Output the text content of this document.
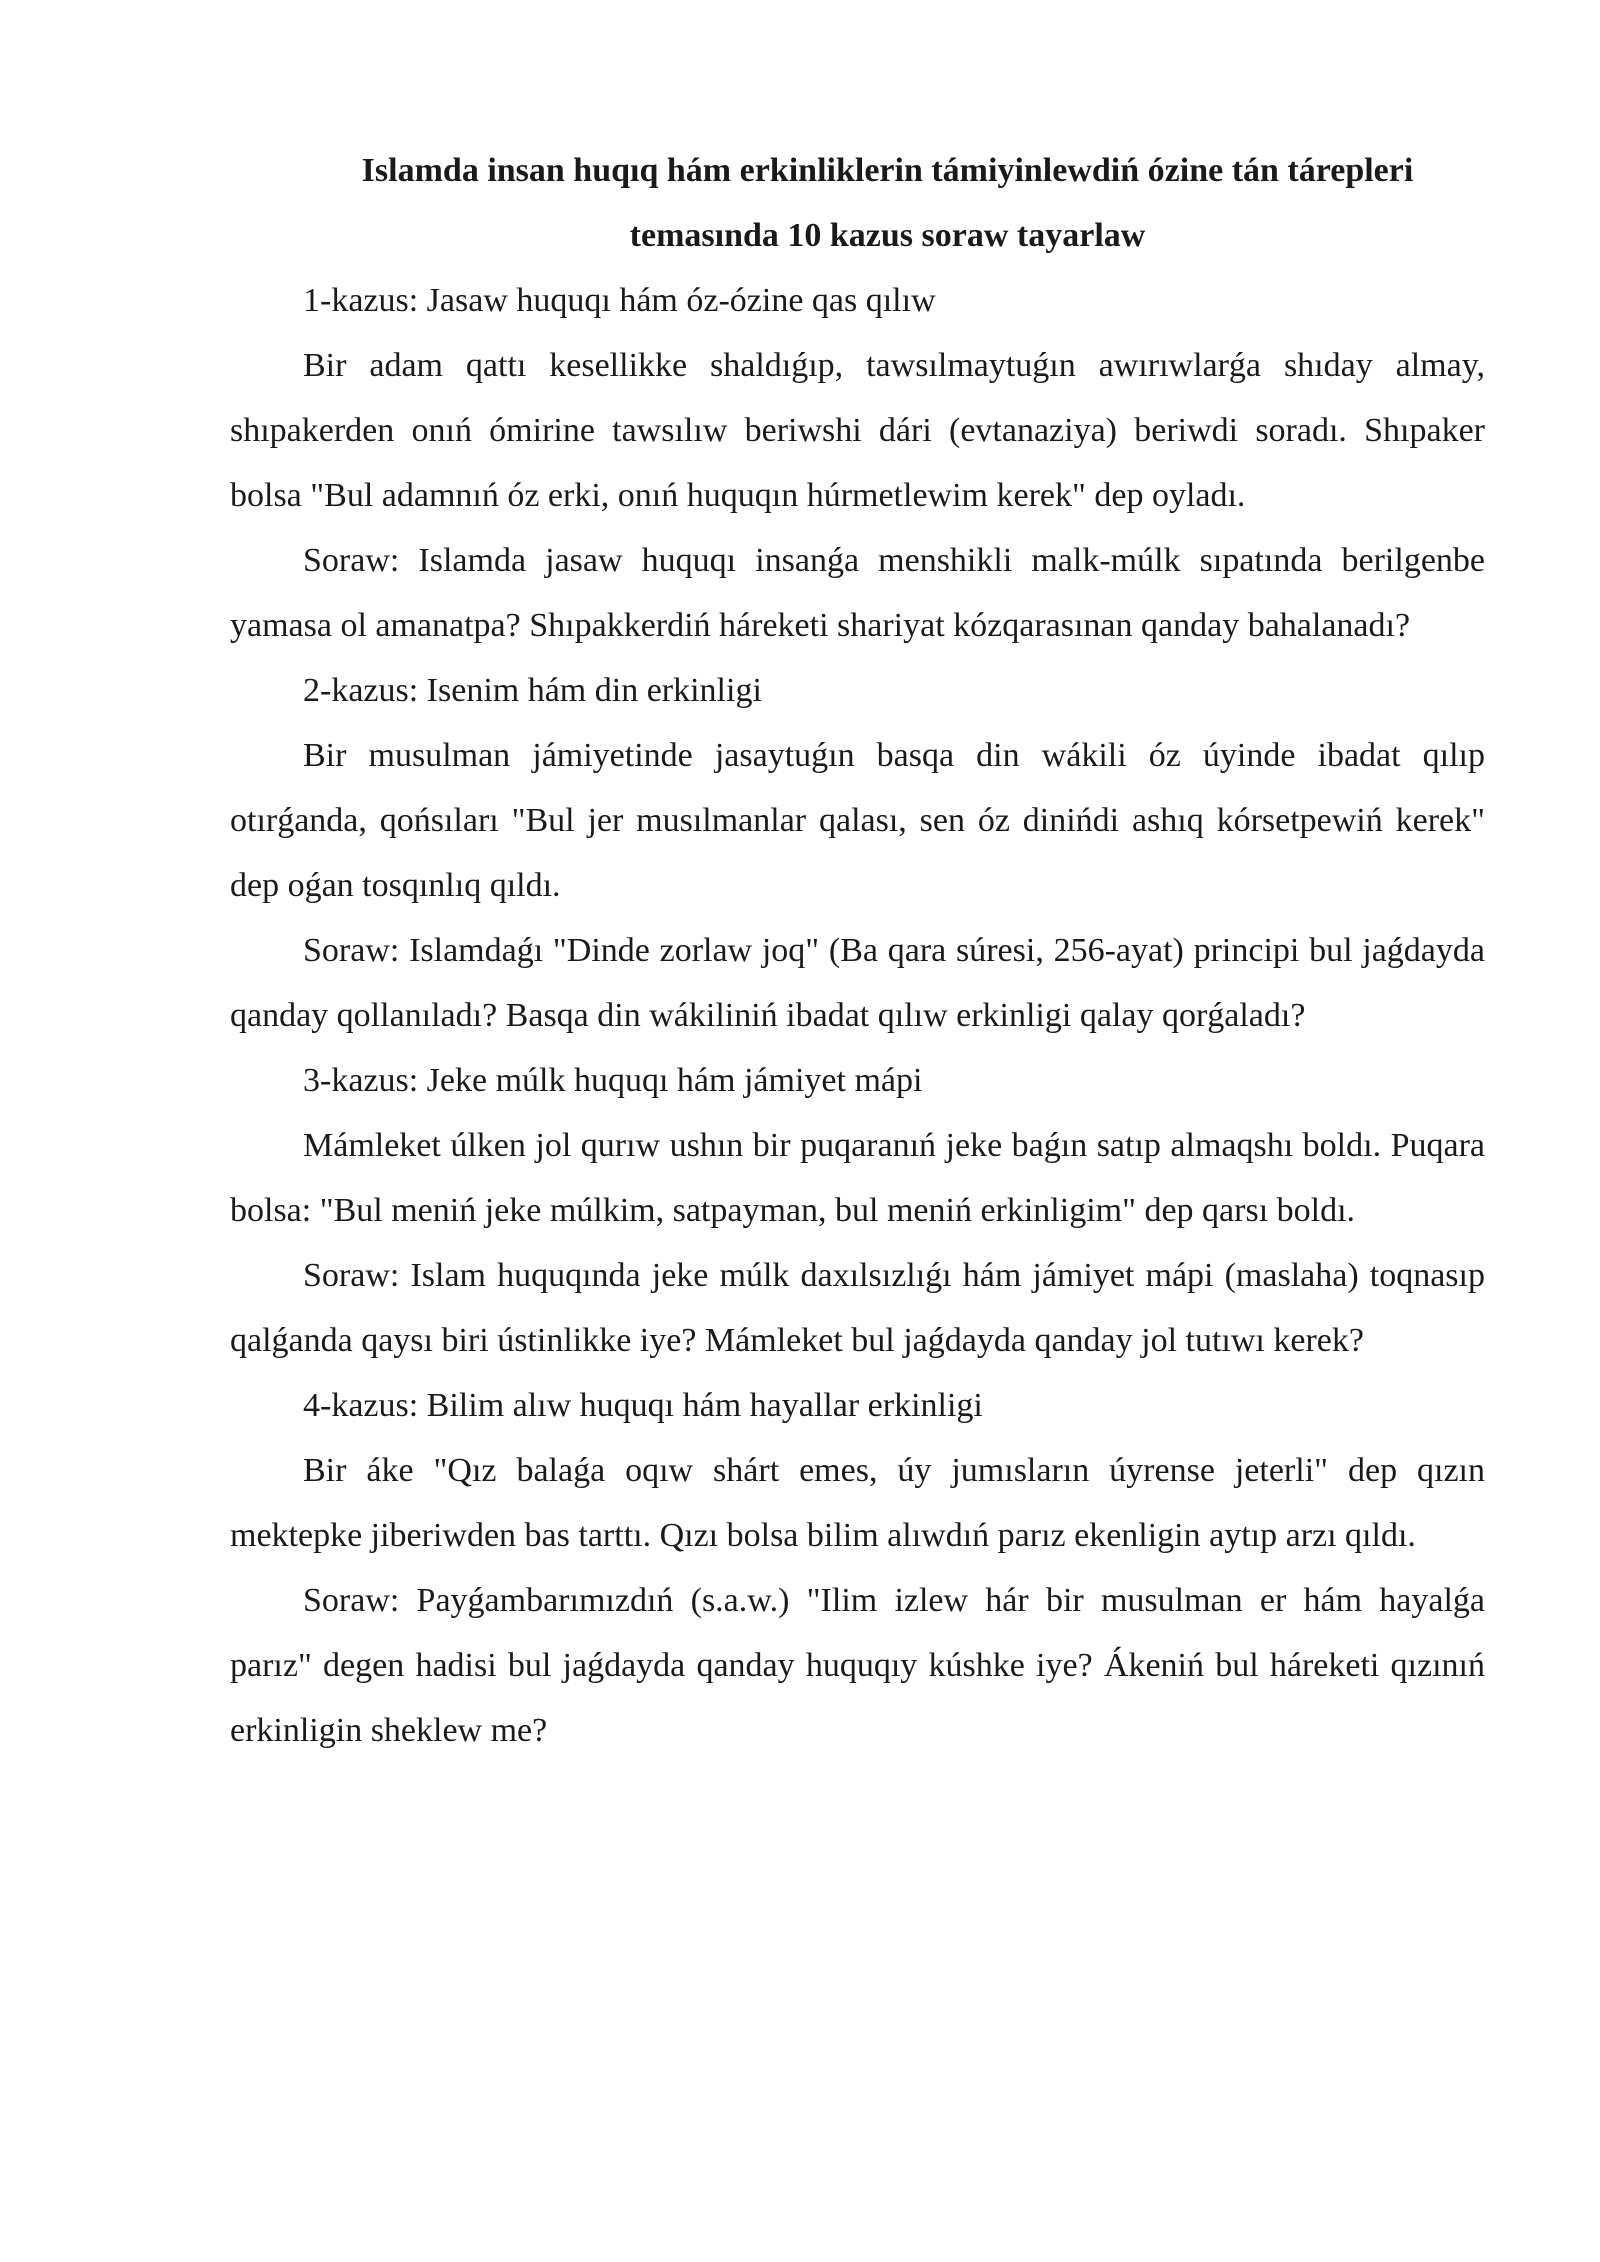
Islamda insan huqıq hám erkinliklerin támiyinlewdiń ózine tán tárepleri
temasında 10 kazus soraw tayarlaw

1-kazus: Jasaw huquqı hám óz-ózine qas qılıw

Bir adam qattı kesellikke shaldıǵıp, tawsılmaytuǵın awırıwlarǵa shıday almay, shıpakerden onıń ómirine tawsılıw beriwshi dári (evtanaziya) beriwdi soradı. Shıpaker bolsa "Bul adamnıń óz erki, onıń huquqın húrmetlewim kerek" dep oyladı.

Soraw: Islamda jasaw huquqı insanǵa menshikli malk-múlk sıpatında berilgenbe yamasa ol amanatpa? Shıpakkerdiń háreketi shariyat kózqarasınan qanday bahalanadı?

2-kazus: Isenim hám din erkinligi

Bir musulman jámiyetinde jasaytuǵın basqa din wákili óz úyinde ibadat qılıp otırǵanda, qońsıları "Bul jer musılmanlar qalası, sen óz dinińdi ashıq kórsetpewiń kerek" dep oǵan tosqınlıq qıldı.

Soraw: Islamdaǵı "Dinde zorlaw joq" (Ba qara súresi, 256-ayat) principi bul jaǵdayda qanday qollanıladı? Basqa din wákiliniń ibadat qılıw erkinligi qalay qorǵaladı?

3-kazus: Jeke múlk huquqı hám jámiyet mápi

Mámleket úlken jol qurıw ushın bir puqaranıń jeke baǵın satıp almaqshı boldı. Puqara bolsa: "Bul meniń jeke múlkim, satpayman, bul meniń erkinligim" dep qarsı boldı.

Soraw: Islam huquqında jeke múlk daxılsızlıǵı hám jámiyet mápi (maslaha) toqnasıp qalǵanda qaysı biri ústinlikke iye? Mámleket bul jaǵdayda qanday jol tutıwı kerek?

4-kazus: Bilim alıw huquqı hám hayallar erkinligi

Bir áke "Qız balaǵa oqıw shárt emes, úy jumısların úyrense jeterli" dep qızın mektepke jiberiwden bas tarttı. Qızı bolsa bilim alıwdıń parız ekenligin aytıp arzı qıldı.

Soraw: Payǵambarımızdıń (s.a.w.) "Ilim izlew hár bir musulman er hám hayalǵa parız" degen hadisi bul jaǵdayda qanday huquqıy kúshke iye? Ákeniń bul háreketi qızınıń erkinligin sheklew me?
